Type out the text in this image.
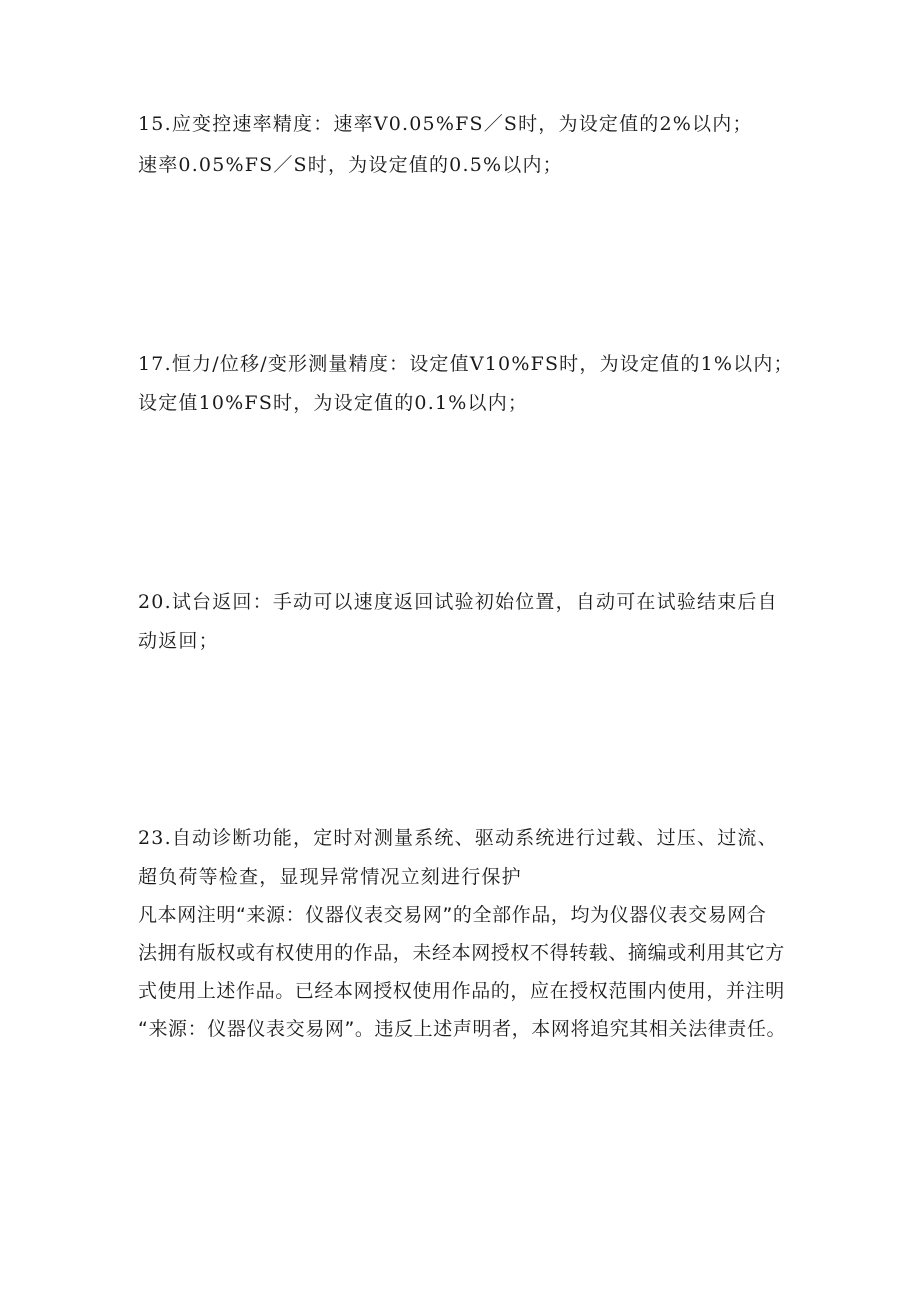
15.应变控速率精度：速率V0.05%FS／S时，为设定值的2%以内；
速率0.05%FS／S时，为设定值的0.5%以内；
17.恒力/位移/变形测量精度：设定值V10%FS时，为设定值的1%以内；
设定值10%FS时，为设定值的0.1%以内；
20.试台返回：手动可以速度返回试验初始位置，自动可在试验结束后自
动返回；
23.自动诊断功能，定时对测量系统、驱动系统进行过载、过压、过流、
超负荷等检查，显现异常情况立刻进行保护
凡本网注明“来源：仪器仪表交易网”的全部作品，均为仪器仪表交易网合
法拥有版权或有权使用的作品，未经本网授权不得转载、摘编或利用其它方
式使用上述作品。已经本网授权使用作品的，应在授权范围内使用，并注明
“来源：仪器仪表交易网”。违反上述声明者，本网将追究其相关法律责任。
